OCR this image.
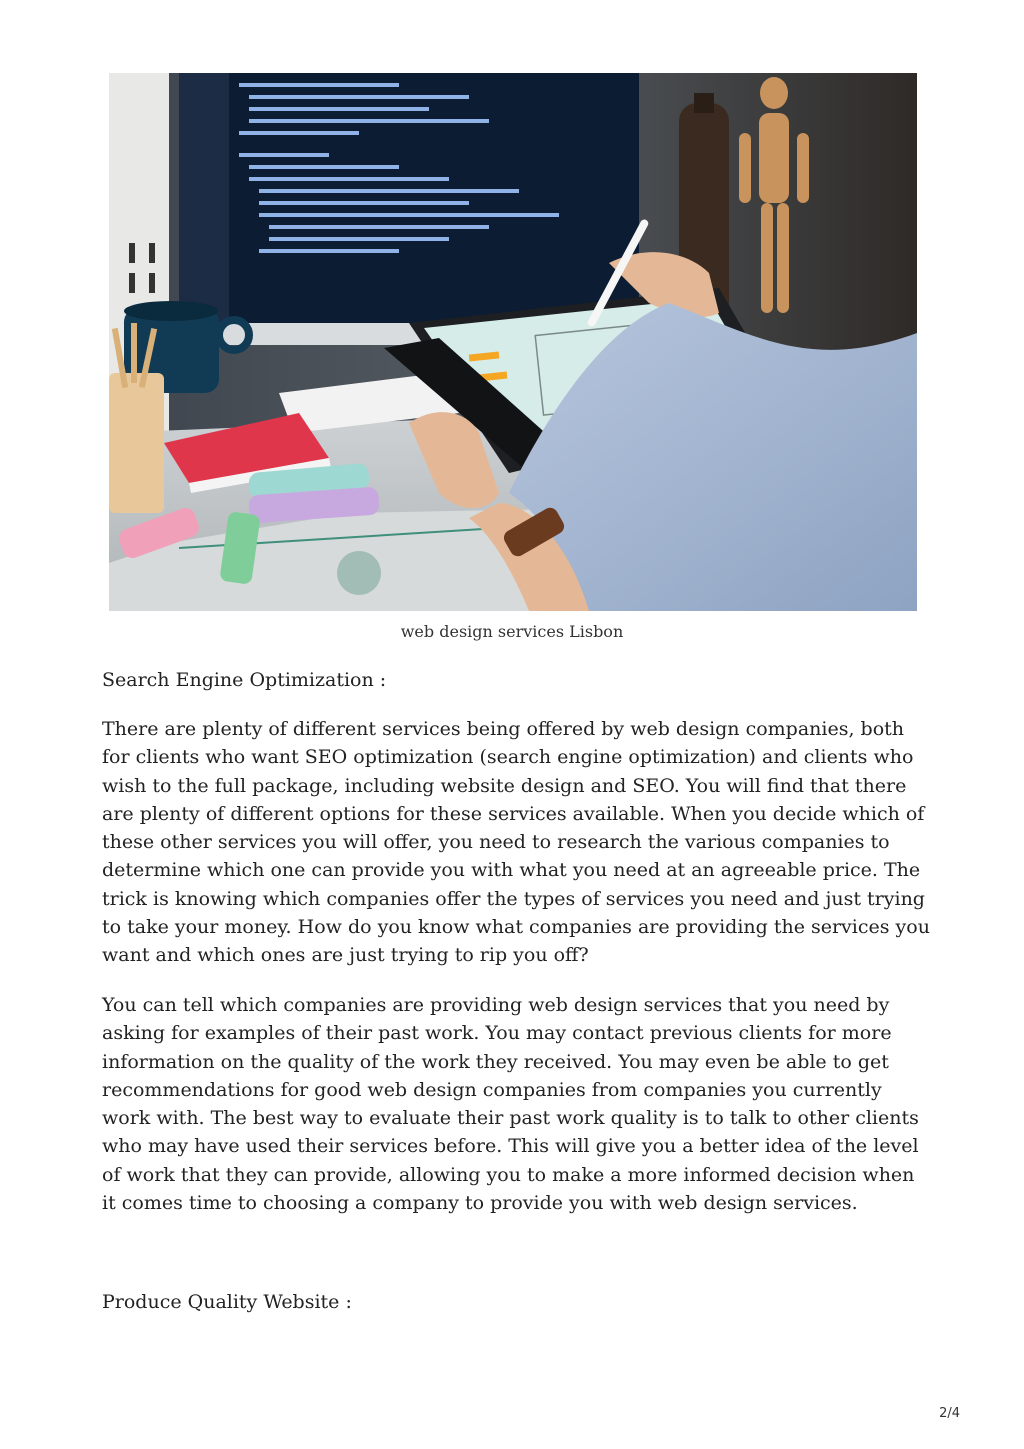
web design services Lisbon

Search Engine Optimization :

There are plenty of different services being offered by web design companies, both for clients who want SEO optimization (search engine optimization) and clients who wish to the full package, including website design and SEO. You will find that there are plenty of different options for these services available. When you decide which of these other services you will offer, you need to research the various companies to determine which one can provide you with what you need at an agreeable price. The trick is knowing which companies offer the types of services you need and just trying to take your money. How do you know what companies are providing the services you want and which ones are just trying to rip you off?

You can tell which companies are providing web design services that you need by asking for examples of their past work. You may contact previous clients for more information on the quality of the work they received. You may even be able to get recommendations for good web design companies from companies you currently work with. The best way to evaluate their past work quality is to talk to other clients who may have used their services before. This will give you a better idea of the level of work that they can provide, allowing you to make a more informed decision when it comes time to choosing a company to provide you with web design services.

Produce Quality Website :

2/4
